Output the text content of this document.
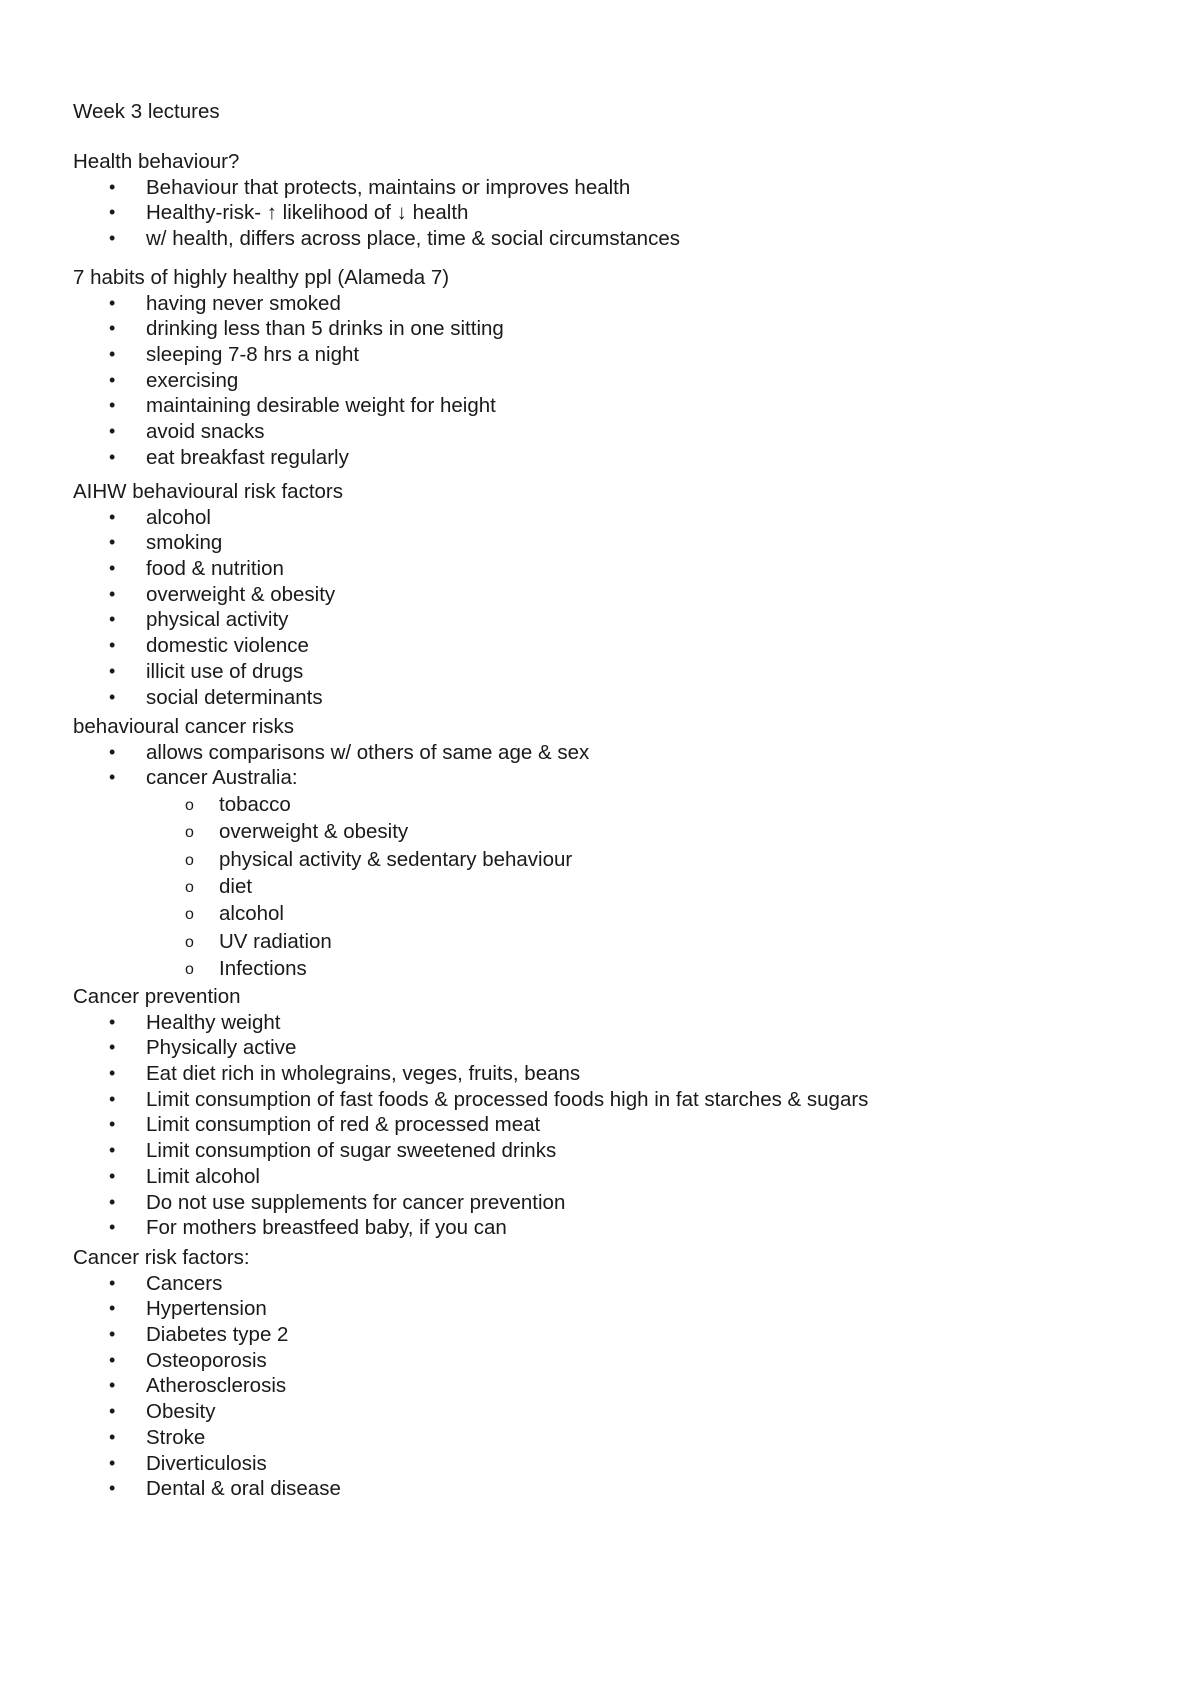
Week 3 lectures
Health behaviour?
• Behaviour that protects, maintains or improves health
• Healthy-risk- ↑ likelihood of ↓ health
• w/ health, differs across place, time & social circumstances
7 habits of highly healthy ppl (Alameda 7)
• having never smoked
• drinking less than 5 drinks in one sitting
• sleeping 7-8 hrs a night
• exercising
• maintaining desirable weight for height
• avoid snacks
• eat breakfast regularly
AIHW behavioural risk factors
• alcohol
• smoking
• food & nutrition
• overweight & obesity
• physical activity
• domestic violence
• illicit use of drugs
• social determinants
behavioural cancer risks
• allows comparisons w/ others of same age & sex
• cancer Australia:
o tobacco
o overweight & obesity
o physical activity & sedentary behaviour
o diet
o alcohol
o UV radiation
o Infections
Cancer prevention
• Healthy weight
• Physically active
• Eat diet rich in wholegrains, veges, fruits, beans
• Limit consumption of fast foods & processed foods high in fat starches & sugars
• Limit consumption of red & processed meat
• Limit consumption of sugar sweetened drinks
• Limit alcohol
• Do not use supplements for cancer prevention
• For mothers breastfeed baby, if you can
Cancer risk factors:
• Cancers
• Hypertension
• Diabetes type 2
• Osteoporosis
• Atherosclerosis
• Obesity
• Stroke
• Diverticulosis
• Dental & oral disease
